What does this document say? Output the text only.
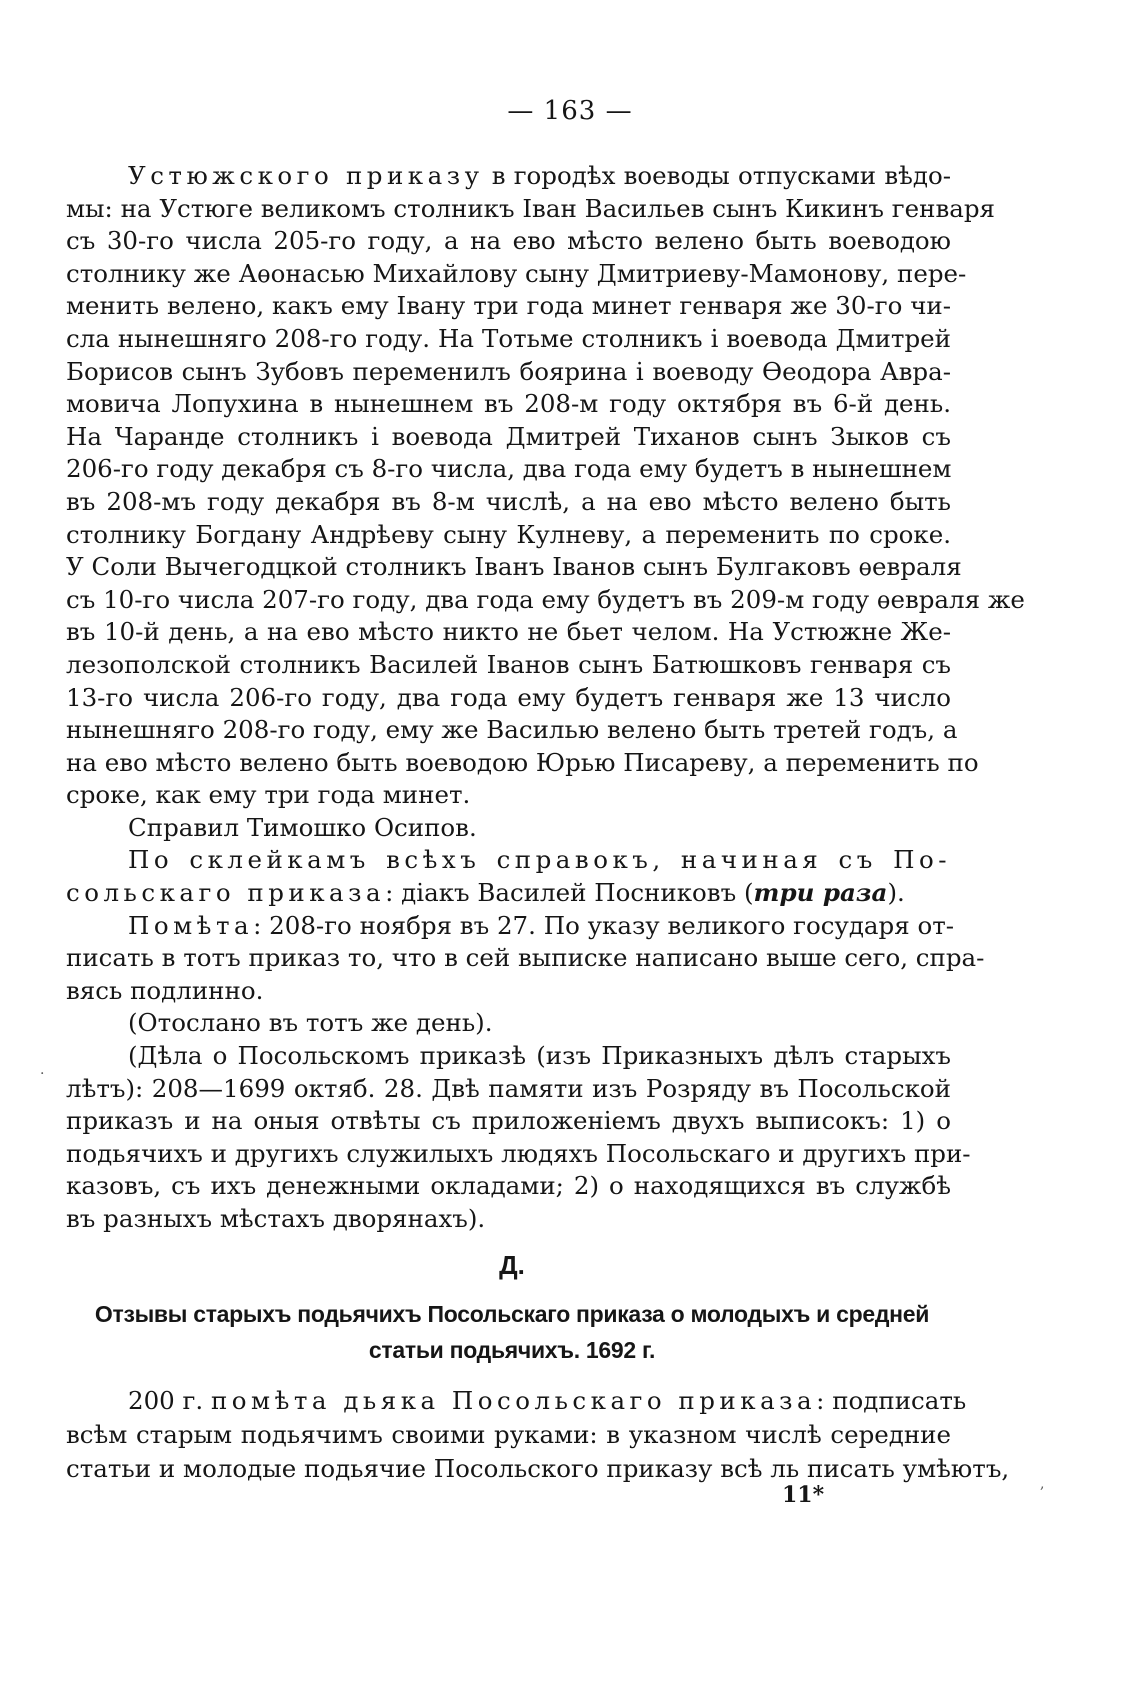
— 163 —
Устюжского приказу в городѣх воеводы отпусками вѣдо-
мы: на Устюге великомъ столникъ Іван Васильев сынъ Кикинъ генваря
съ 30-го числа 205-го году, а на ево мѣсто велено быть воеводою
столнику же Аѳонасью Михайлову сыну Дмитриеву-Мамонову, пере-
менить велено, какъ ему Івану три года минет генваря же 30-го чи-
сла нынешняго 208-го году. На Тотьме столникъ і воевода Дмитрей
Борисов сынъ Зубовъ переменилъ боярина і воеводу Ѳеодора Авра-
мовича Лопухина в нынешнем въ 208-м году октября въ 6-й день.
На Чаранде столникъ і воевода Дмитрей Тиханов сынъ Зыков съ
206-го году декабря съ 8-го числа, два года ему будетъ в нынешнем
въ 208-мъ году декабря въ 8-м числѣ, а на ево мѣсто велено быть
столнику Богдану Андрѣеву сыну Кулневу, а переменить по сроке.
У Соли Вычегодцкой столникъ Іванъ Іванов сынъ Булгаковъ ѳевраля
съ 10-го числа 207-го году, два года ему будетъ въ 209-м году ѳевраля же
въ 10-й день, а на ево мѣсто никто не бьет челом. На Устюжне Же-
лезополской столникъ Василей Іванов сынъ Батюшковъ генваря съ
13-го числа 206-го году, два года ему будетъ генваря же 13 число
нынешняго 208-го году, ему же Василью велено быть третей годъ, а
на ево мѣсто велено быть воеводою Юрью Писареву, а переменить по
сроке, как ему три года минет.
Справил Тимошко Осипов.
По склейкамъ всѣхъ справокъ, начиная съ По-
сольскаго приказа: діакъ Василей Посниковъ (три раза).
Помѣта: 208-го ноября въ 27. По указу великого государя от-
писать в тотъ приказ то, что в сей выписке написано выше сего, спра-
вясь подлинно.
(Отослано въ тотъ же день).
(Дѣла о Посольскомъ приказѣ (изъ Приказныхъ дѣлъ старыхъ
лѣтъ): 208—1699 октяб. 28. Двѣ памяти изъ Розряду въ Посольской
приказъ и на оныя отвѣты съ приложеніемъ двухъ выписокъ: 1) о
подьячихъ и другихъ служилыхъ людяхъ Посольскаго и другихъ при-
казовъ, съ ихъ денежными окладами; 2) о находящихся въ службѣ
въ разныхъ мѣстахъ дворянахъ).
Д.
Отзывы старыхъ подьячихъ Посольскаго приказа о молодыхъ и средней
статьи подьячихъ. 1692 г.
200 г. помѣта дьяка Посольскаго приказа: подписать
всѣм старым подьячимъ своими руками: в указном числѣ середние
статьи и молодые подьячие Посольского приказу всѣ ль писать умѣютъ,
11*
·
,
